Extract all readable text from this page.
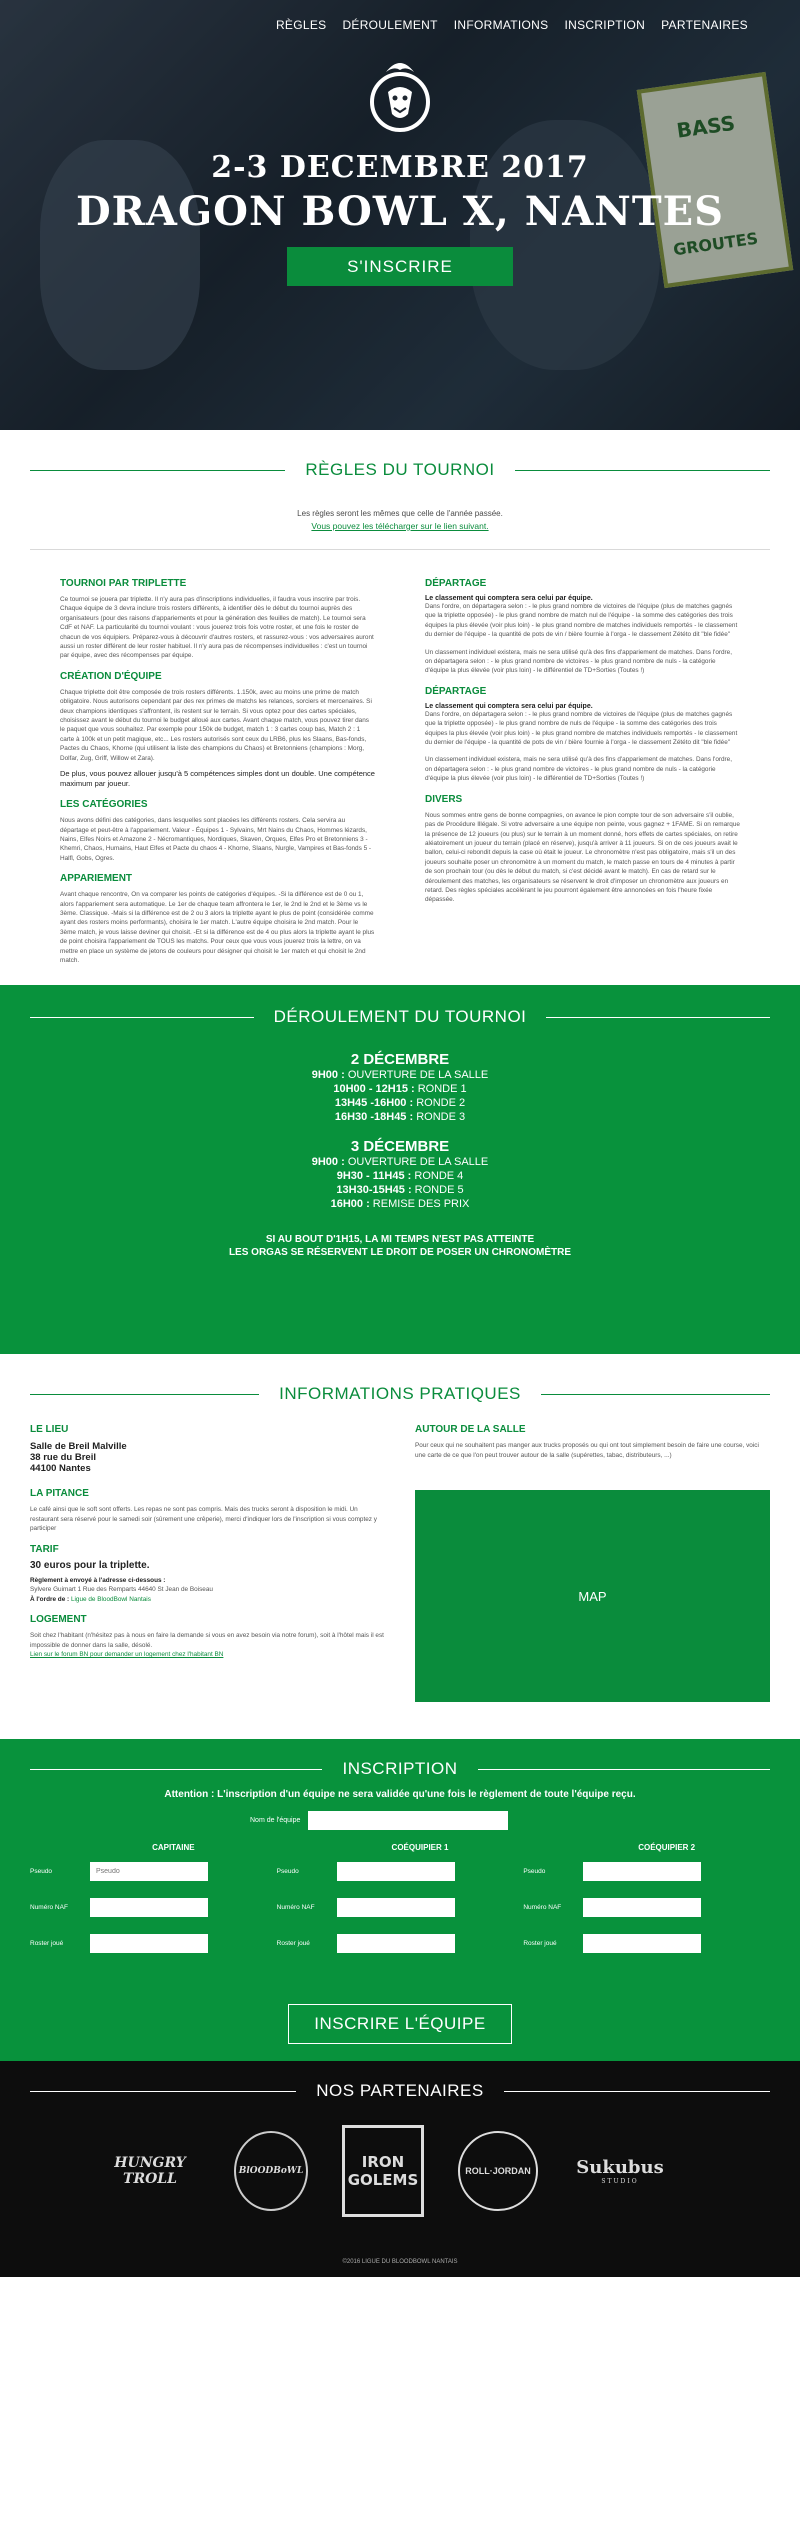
BASS
GROUTES
RÈGLES DÉROULEMENT INFORMATIONS INSCRIPTION PARTENAIRES
2-3 DECEMBRE 2017
DRAGON BOWL X, NANTES
S'INSCRIRE
RÈGLES DU TOURNOI
Les règles seront les mêmes que celle de l'année passée.
Vous pouvez les télécharger sur le lien suivant.
TOURNOI PAR TRIPLETTE

Ce tournoi se jouera par triplette. Il n'y aura pas d'inscriptions individuelles, il faudra vous inscrire par trois. Chaque équipe de 3 devra inclure trois rosters différents, à identifier dès le début du tournoi auprès des organisateurs (pour des raisons d'appariements et pour la génération des feuilles de match). Le tournoi sera CdF et NAF. La particularité du tournoi voulant : vous jouerez trois fois votre roster, et une fois le roster de chacun de vos équipiers. Préparez-vous à découvrir d'autres rosters, et rassurez-vous : vos adversaires auront aussi un roster différent de leur roster habituel. Il n'y aura pas de récompenses individuelles : c'est un tournoi par équipe, avec des récompenses par équipe.

CRÉATION D'ÉQUIPE

Chaque triplette doit être composée de trois rosters différents. 1.150k, avec au moins une prime de match obligatoire. Nous autorisons cependant par des rex primes de matchs les relances, sorciers et mercenaires. Si deux champions identiques s'affrontent, ils restent sur le terrain. Si vous optez pour des cartes spéciales, choisissez avant le début du tournoi le budget alloué aux cartes. Avant chaque match, vous pouvez tirer dans le paquet que vous souhaitez. Par exemple pour 150k de budget, match 1 : 3 cartes coup bas, Match 2 : 1 carte à 100k et un petit magique, etc... Les rosters autorisés sont ceux du LRB6, plus les Slaans, Bas-fonds, Pactes du Chaos, Khorne (qui utilisent la liste des champions du Chaos) et Bretonniens (champions : Morg, Dolfar, Zug, Griff, Willow et Zara).

De plus, vous pouvez allouer jusqu'à 5 compétences simples dont un double. Une compétence maximum par joueur.

LES CATÉGORIES

Nous avons défini des catégories, dans lesquelles sont placées les différents rosters. Cela servira au départage et peut-être à l'appariement. Valeur - Équipes 1 - Sylvains, Mrt Nains du Chaos, Hommes lézards, Nains, Elfes Noirs et Amazone 2 - Nécromantiques, Nordiques, Skaven, Orques, Elfes Pro et Bretonniens 3 - Khemri, Chaos, Humains, Haut Elfes et Pacte du chaos 4 - Khorne, Slaans, Nurgle, Vampires et Bas-fonds 5 - Halfl, Gobs, Ogres.

APPARIEMENT

Avant chaque rencontre, On va comparer les points de catégories d'équipes. -Si la différence est de 0 ou 1, alors l'appariement sera automatique. Le 1er de chaque team affrontera le 1er, le 2nd le 2nd et le 3ème vs le 3ème. Classique. -Mais si la différence est de 2 ou 3 alors la triplette ayant le plus de point (considérée comme ayant des rosters moins performants), choisira le 1er match. L'autre équipe choisira le 2nd match. Pour le 3ème match, je vous laisse deviner qui choisit. -Et si la différence est de 4 ou plus alors la triplette ayant le plus de point choisira l'appariement de TOUS les matchs. Pour ceux que vous vous jouerez trois la lettre, on va mettre en place un système de jetons de couleurs pour désigner qui choisit le 1er match et qui choisit le 2nd match.

DÉPARTAGE
Le classement qui comptera sera celui par équipe.

Dans l'ordre, on départagera selon : - le plus grand nombre de victoires de l'équipe (plus de matches gagnés que la triplette opposée) - le plus grand nombre de match nul de l'équipe - la somme des catégories des trois équipes la plus élevée (voir plus loin) - le plus grand nombre de matches individuels remportés - le classement du dernier de l'équipe - la quantité de pots de vin / bière fournie à l'orga - le classement Zététo dit "ble fidée"

Un classement individuel existera, mais ne sera utilisé qu'à des fins d'appariement de matches. Dans l'ordre, on départagera selon : - le plus grand nombre de victoires - le plus grand nombre de nuls - la catégorie d'équipe la plus élevée (voir plus loin) - le différentiel de TD+Sorties (Toutes !)

DÉPARTAGE
Le classement qui comptera sera celui par équipe.

Dans l'ordre, on départagera selon : - le plus grand nombre de victoires de l'équipe (plus de matches gagnés que la triplette opposée) - le plus grand nombre de nuls de l'équipe - la somme des catégories des trois équipes la plus élevée (voir plus loin) - le plus grand nombre de matches individuels remportés - le classement du dernier de l'équipe - la quantité de pots de vin / bière fournie à l'orga - le classement Zététo dit "ble fidée"

Un classement individuel existera, mais ne sera utilisé qu'à des fins d'appariement de matches. Dans l'ordre, on départagera selon : - le plus grand nombre de victoires - le plus grand nombre de nuls - la catégorie d'équipe la plus élevée (voir plus loin) - le différentiel de TD+Sorties (Toutes !)

DIVERS

Nous sommes entre gens de bonne compagnies, on avance le pion compte tour de son adversaire s'il oublie, pas de Procédure Illégale. Si votre adversaire a une équipe non peinte, vous gagnez + 1FAME. Si on remarque la présence de 12 joueurs (ou plus) sur le terrain à un moment donné, hors effets de cartes spéciales, on retire aléatoirement un joueur du terrain (placé en réserve), jusqu'à arriver à 11 joueurs. Si on de ces joueurs avait le ballon, celui-ci rebondit depuis la case où était le joueur. Le chronomètre n'est pas obligatoire, mais s'il un des joueurs souhaite poser un chronomètre à un moment du match, le match passe en tours de 4 minutes à partir de son prochain tour (ou dès le début du match, si c'est décidé avant le match). En cas de retard sur le déroulement des matches, les organisateurs se réservent le droit d'imposer un chronomètre aux joueurs en retard. Des règles spéciales accélérant le jeu pourront également être annoncées en fois l'heure fixée dépassée.

DÉROULEMENT DU TOURNOI
2 DÉCEMBRE
9H00 : OUVERTURE DE LA SALLE
10H00 - 12H15 : RONDE 1
13H45 -16H00 : RONDE 2
16H30 -18H45 : RONDE 3
3 DÉCEMBRE
9H00 : OUVERTURE DE LA SALLE
9H30 - 11H45 : RONDE 4
13H30-15H45 : RONDE 5
16H00 : REMISE DES PRIX
SI AU BOUT D'1H15, LA MI TEMPS N'EST PAS ATTEINTE
LES ORGAS SE RÉSERVENT LE DROIT DE POSER UN CHRONOMÈTRE
INFORMATIONS PRATIQUES
LE LIEU

Salle de Breil Malville

38 rue du Breil

44100 Nantes

LA PITANCE

Le café ainsi que le soft sont offerts. Les repas ne sont pas compris. Mais des trucks seront à disposition le midi. Un restaurant sera réservé pour le samedi soir (sûrement une crêperie), merci d'indiquer lors de l'inscription si vous comptez y participer

TARIF

30 euros pour la triplette.

Règlement à envoyé à l'adresse ci-dessous :

Sylvere Guimart 1 Rue des Remparts 44640 St Jean de Boiseau

À l'ordre de : Ligue de BloodBowl Nantais

LOGEMENT

Soit chez l'habitant (n'hésitez pas à nous en faire la demande si vous en avez besoin via notre forum), soit à l'hôtel mais il est impossible de donner dans la salle, désolé.

Lien sur le forum BN pour demander un logement chez l'habitant BN

AUTOUR DE LA SALLE

Pour ceux qui ne souhaitent pas manger aux trucks proposés ou qui ont tout simplement besoin de faire une course, voici une carte de ce que l'on peut trouver autour de la salle (supérettes, tabac, distributeurs, ...)

MAP
INSCRIPTION
Attention : L'inscription d'un équipe ne sera validée qu'une fois le règlement de toute l'équipe reçu.
Nom de l'équipe
CAPITAINE
Pseudo
Pseudo
Numéro NAF
Roster joué
COÉQUIPIER 1
Pseudo
Numéro NAF
Roster joué
COÉQUIPIER 2
Pseudo
Numéro NAF
Roster joué
INSCRIRE L'ÉQUIPE
NOS PARTENAIRES
HUNGRY TROLL	BlOODBoWL	IRON GOLEMS	ROLL·JORDAN	Sukubus
STUDIO
©2016 LIGUE DU BLOODBOWL NANTAIS
